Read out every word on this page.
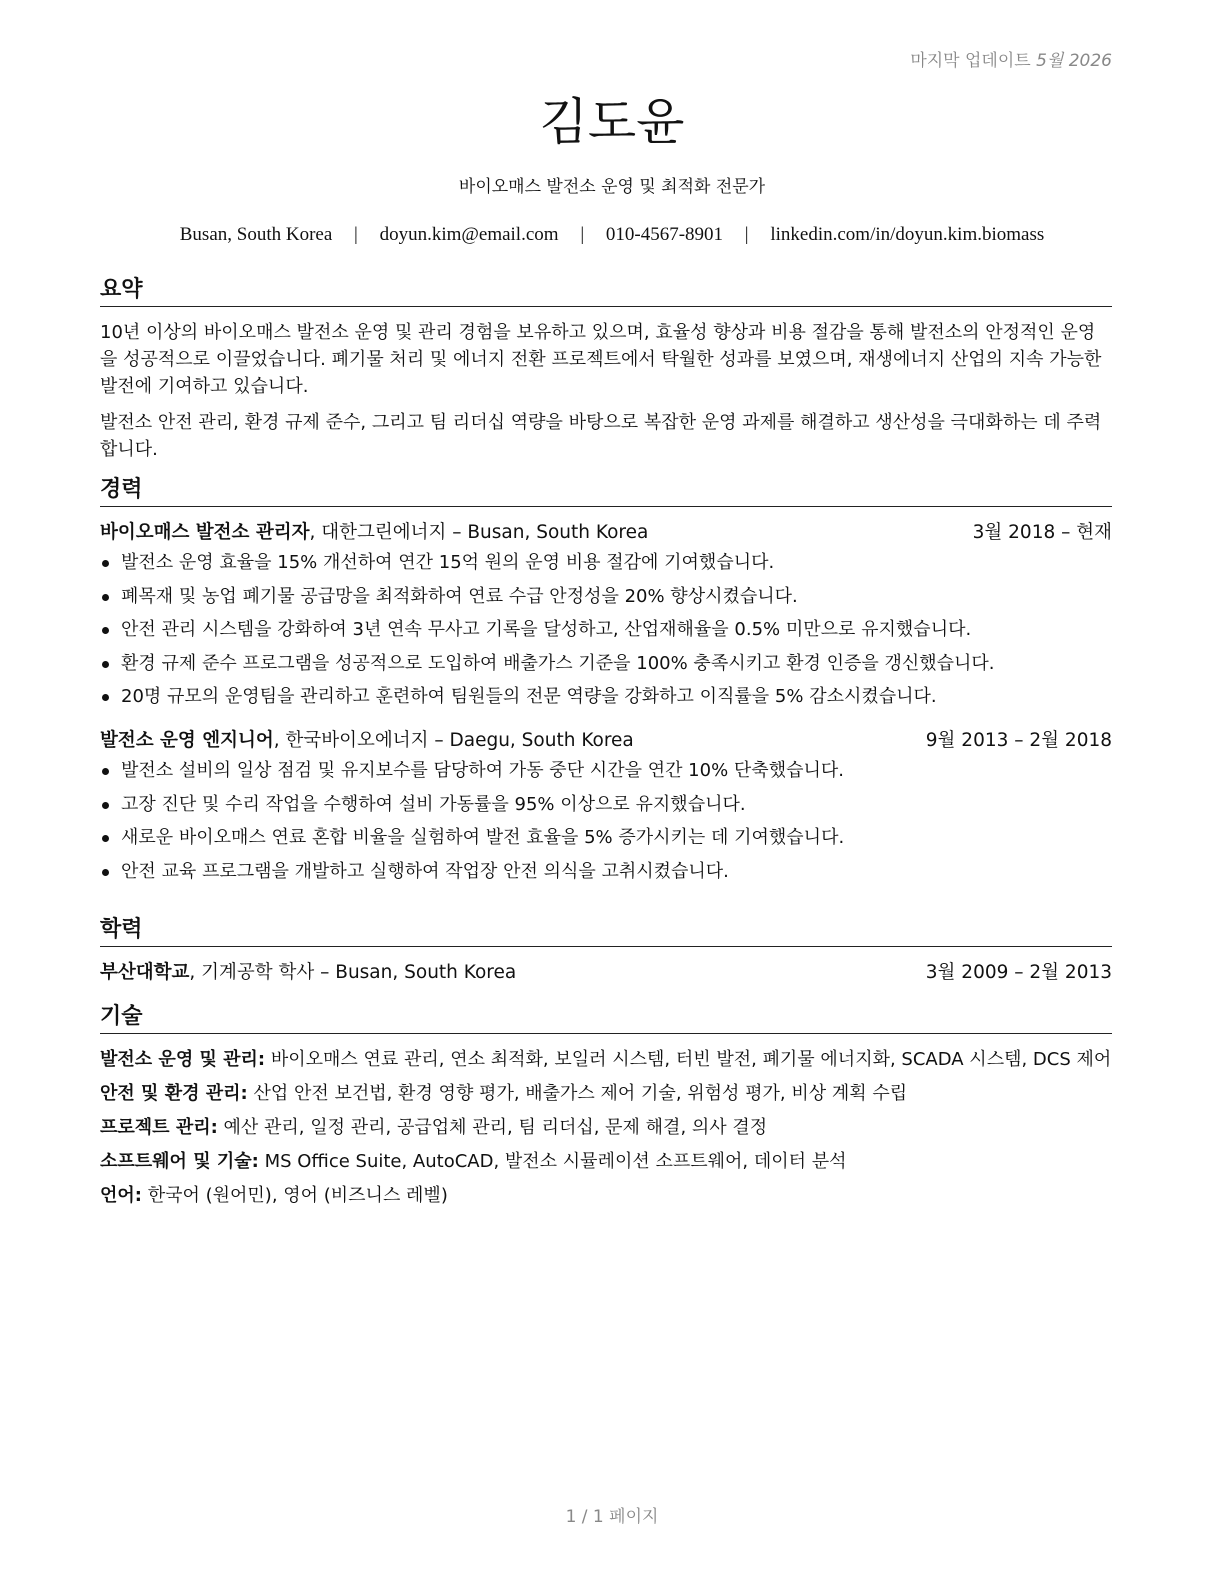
마지막 업데이트 5월 2026
김도윤
바이오매스 발전소 운영 및 최적화 전문가
Busan, South Korea | doyun.kim@email.com | 010-4567-8901 | linkedin.com/in/doyun.kim.biomass
요약

10년 이상의 바이오매스 발전소 운영 및 관리 경험을 보유하고 있으며, 효율성 향상과 비용 절감을 통해 발전소의 안정적인 운영을 성공적으로 이끌었습니다. 폐기물 처리 및 에너지 전환 프로젝트에서 탁월한 성과를 보였으며, 재생에너지 산업의 지속 가능한 발전에 기여하고 있습니다.

발전소 안전 관리, 환경 규제 준수, 그리고 팀 리더십 역량을 바탕으로 복잡한 운영 과제를 해결하고 생산성을 극대화하는 데 주력합니다.

경력
바이오매스 발전소 관리자, 대한그린에너지 – Busan, South Korea	3월 2018 – 현재
발전소 운영 효율을 15% 개선하여 연간 15억 원의 운영 비용 절감에 기여했습니다.
폐목재 및 농업 폐기물 공급망을 최적화하여 연료 수급 안정성을 20% 향상시켰습니다.
안전 관리 시스템을 강화하여 3년 연속 무사고 기록을 달성하고, 산업재해율을 0.5% 미만으로 유지했습니다.
환경 규제 준수 프로그램을 성공적으로 도입하여 배출가스 기준을 100% 충족시키고 환경 인증을 갱신했습니다.
20명 규모의 운영팀을 관리하고 훈련하여 팀원들의 전문 역량을 강화하고 이직률을 5% 감소시켰습니다.
발전소 운영 엔지니어, 한국바이오에너지 – Daegu, South Korea	9월 2013 – 2월 2018
발전소 설비의 일상 점검 및 유지보수를 담당하여 가동 중단 시간을 연간 10% 단축했습니다.
고장 진단 및 수리 작업을 수행하여 설비 가동률을 95% 이상으로 유지했습니다.
새로운 바이오매스 연료 혼합 비율을 실험하여 발전 효율을 5% 증가시키는 데 기여했습니다.
안전 교육 프로그램을 개발하고 실행하여 작업장 안전 의식을 고취시켰습니다.
학력
부산대학교, 기계공학 학사 – Busan, South Korea	3월 2009 – 2월 2013
기술

발전소 운영 및 관리: 바이오매스 연료 관리, 연소 최적화, 보일러 시스템, 터빈 발전, 폐기물 에너지화, SCADA 시스템, DCS 제어

안전 및 환경 관리: 산업 안전 보건법, 환경 영향 평가, 배출가스 제어 기술, 위험성 평가, 비상 계획 수립

프로젝트 관리: 예산 관리, 일정 관리, 공급업체 관리, 팀 리더십, 문제 해결, 의사 결정

소프트웨어 및 기술: MS Office Suite, AutoCAD, 발전소 시뮬레이션 소프트웨어, 데이터 분석

언어: 한국어 (원어민), 영어 (비즈니스 레벨)

1 / 1 페이지
